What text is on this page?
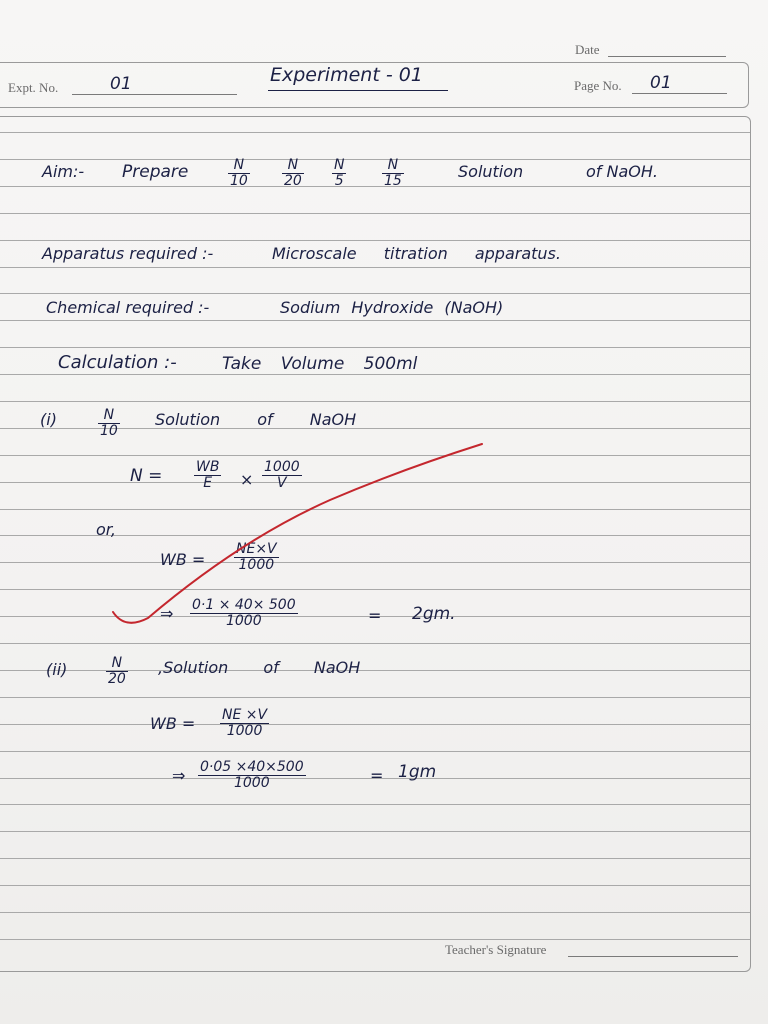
Date
Expt. No.	01	Experiment - 01	Page No. 01
Aim:- Prepare	$\frac{N}{10} \frac{N}{20} \frac{N}{5}$	$\frac{N}{15}$	Solution	of NaOH.
Apparatus required :-	Microscale titration apparatus.
Chemical required :-	Sodium Hydroxide (NaOH)
Calculation :-	Take Volume 500ml
(i)	$\frac{N}{10}$ Solution of NaOH
$N = \frac{WB}{E} \times \frac{1000}{V}$
or,
WB = $\frac{NE\times V}{1000}$
⇒ $\frac{0\cdot 1 \times 40\times 500}{1000}$	= 2gm.
(ii)	$\frac{N}{20}$ ,Solution of NaOH
WB = $\frac{NE \times V}{1000}$
⇒ $\frac{0\cdot 05 \times 40\times 500}{1000}$	= 1gm
Teacher's Signature
